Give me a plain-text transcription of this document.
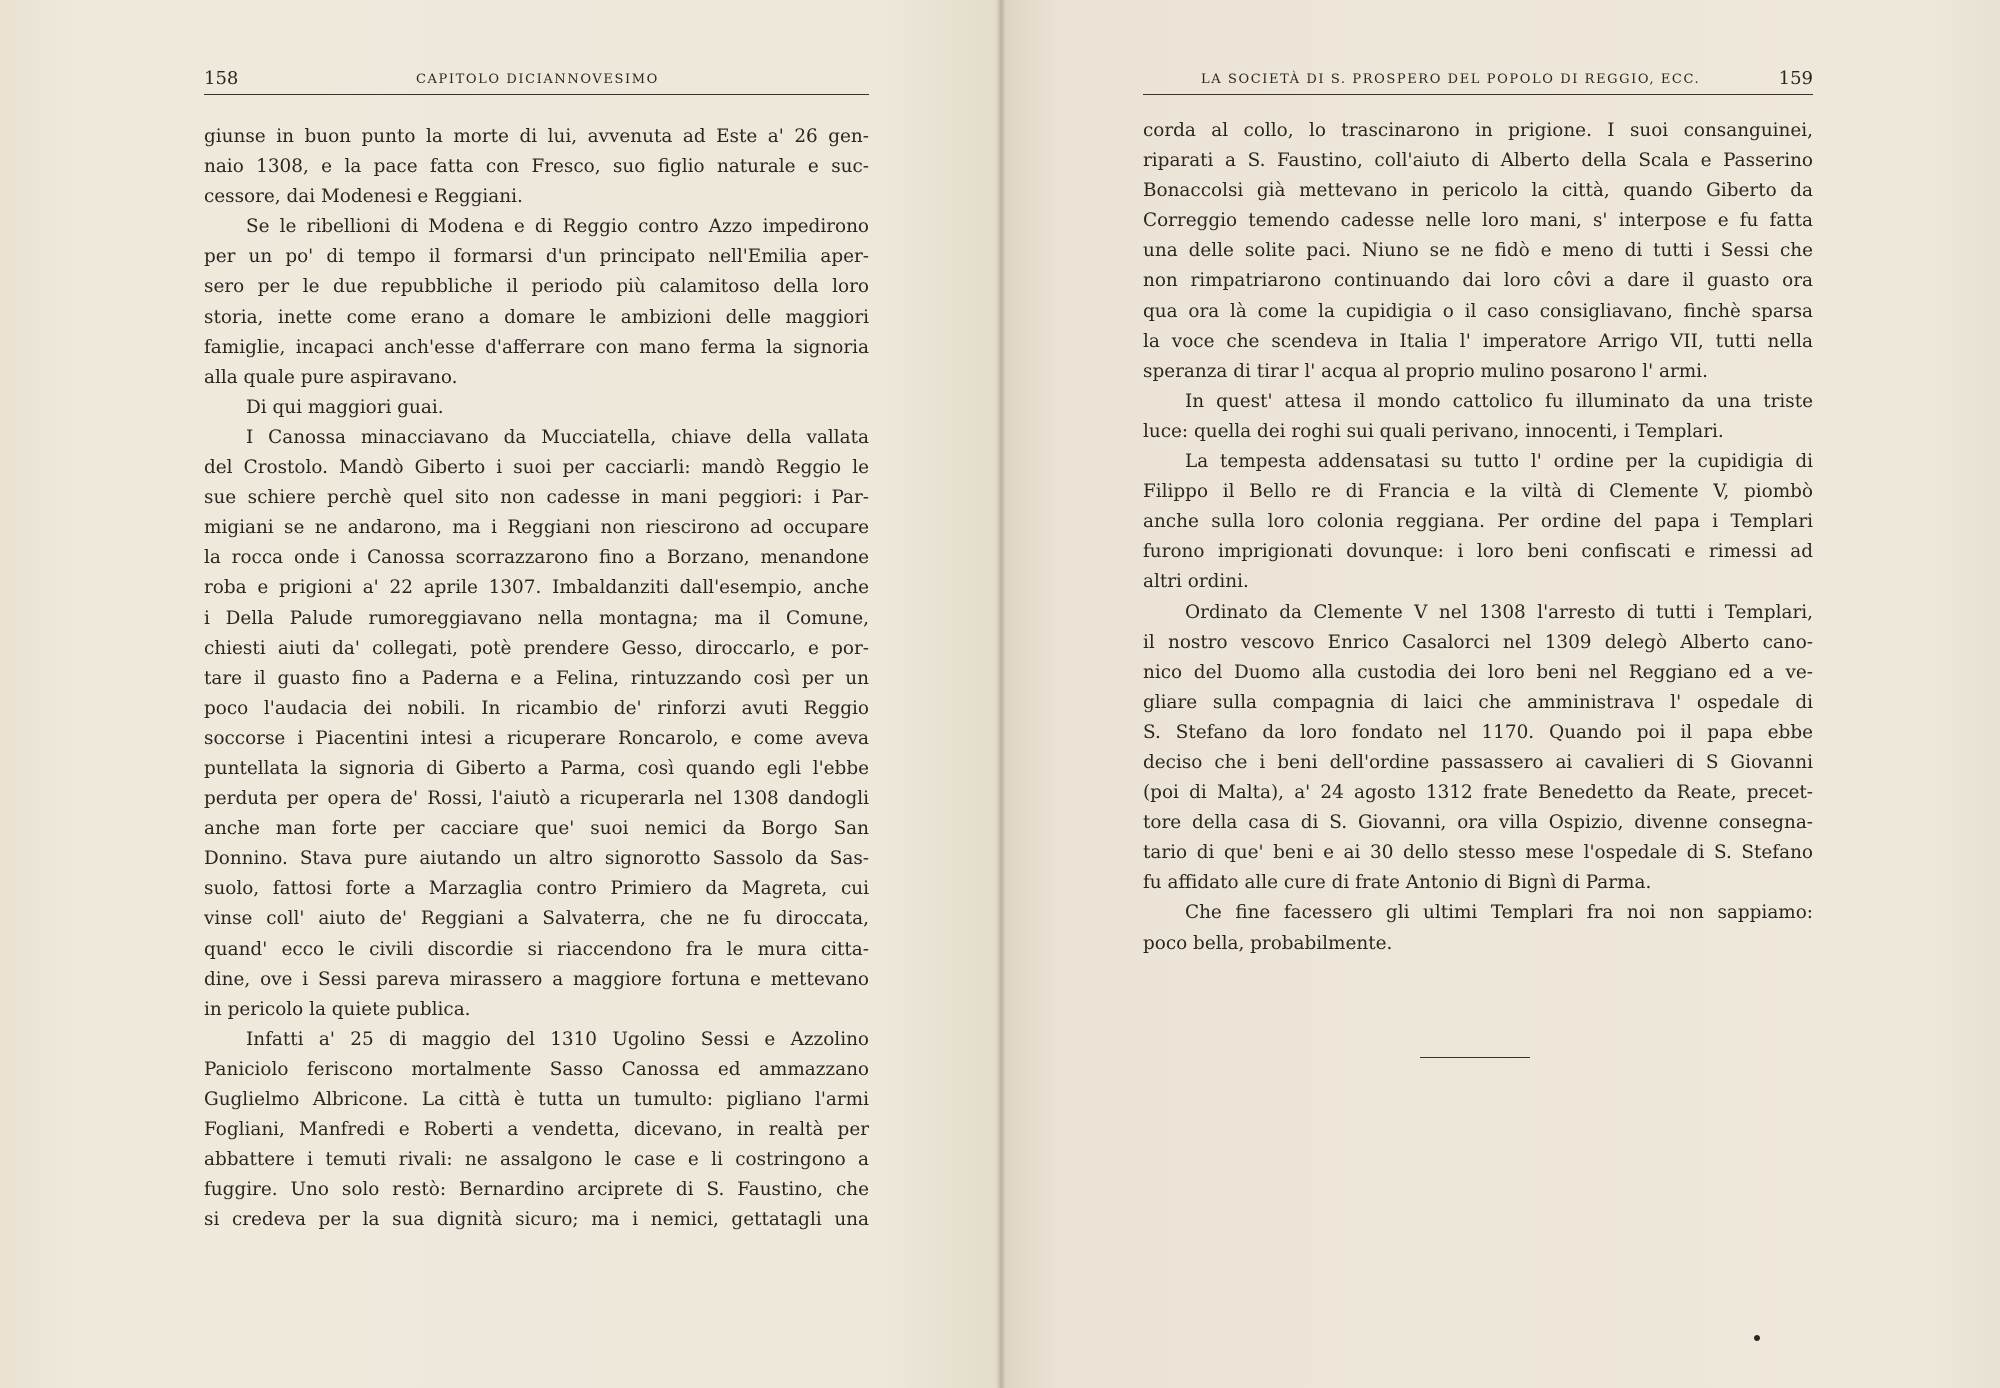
158	CAPITOLO DICIANNOVESIMO
giunse in buon punto la morte di lui, avvenuta ad Este a' 26 gen-
naio 1308, e la pace fatta con Fresco, suo figlio naturale e suc-
cessore, dai Modenesi e Reggiani.
Se le ribellioni di Modena e di Reggio contro Azzo impedirono
per un po' di tempo il formarsi d'un principato nell'Emilia aper-
sero per le due repubbliche il periodo più calamitoso della loro
storia, inette come erano a domare le ambizioni delle maggiori
famiglie, incapaci anch'esse d'afferrare con mano ferma la signoria
alla quale pure aspiravano.
Di qui maggiori guai.
I Canossa minacciavano da Mucciatella, chiave della vallata
del Crostolo. Mandò Giberto i suoi per cacciarli: mandò Reggio le
sue schiere perchè quel sito non cadesse in mani peggiori: i Par-
migiani se ne andarono, ma i Reggiani non riescirono ad occupare
la rocca onde i Canossa scorrazzarono fino a Borzano, menandone
roba e prigioni a' 22 aprile 1307. Imbaldanziti dall'esempio, anche
i Della Palude rumoreggiavano nella montagna; ma il Comune,
chiesti aiuti da' collegati, potè prendere Gesso, diroccarlo, e por-
tare il guasto fino a Paderna e a Felina, rintuzzando così per un
poco l'audacia dei nobili. In ricambio de' rinforzi avuti Reggio
soccorse i Piacentini intesi a ricuperare Roncarolo, e come aveva
puntellata la signoria di Giberto a Parma, così quando egli l'ebbe
perduta per opera de' Rossi, l'aiutò a ricuperarla nel 1308 dandogli
anche man forte per cacciare que' suoi nemici da Borgo San
Donnino. Stava pure aiutando un altro signorotto Sassolo da Sas-
suolo, fattosi forte a Marzaglia contro Primiero da Magreta, cui
vinse coll' aiuto de' Reggiani a Salvaterra, che ne fu diroccata,
quand' ecco le civili discordie si riaccendono fra le mura citta-
dine, ove i Sessi pareva mirassero a maggiore fortuna e mettevano
in pericolo la quiete publica.
Infatti a' 25 di maggio del 1310 Ugolino Sessi e Azzolino
Paniciolo feriscono mortalmente Sasso Canossa ed ammazzano
Guglielmo Albricone. La città è tutta un tumulto: pigliano l'armi
Fogliani, Manfredi e Roberti a vendetta, dicevano, in realtà per
abbattere i temuti rivali: ne assalgono le case e li costringono a
fuggire. Uno solo restò: Bernardino arciprete di S. Faustino, che
si credeva per la sua dignità sicuro; ma i nemici, gettatagli una
LA SOCIETÀ DI S. PROSPERO DEL POPOLO DI REGGIO, ECC.	159
corda al collo, lo trascinarono in prigione. I suoi consanguinei,
riparati a S. Faustino, coll'aiuto di Alberto della Scala e Passerino
Bonaccolsi già mettevano in pericolo la città, quando Giberto da
Correggio temendo cadesse nelle loro mani, s' interpose e fu fatta
una delle solite paci. Niuno se ne fidò e meno di tutti i Sessi che
non rimpatriarono continuando dai loro côvi a dare il guasto ora
qua ora là come la cupidigia o il caso consigliavano, finchè sparsa
la voce che scendeva in Italia l' imperatore Arrigo VII, tutti nella
speranza di tirar l' acqua al proprio mulino posarono l' armi.
In quest' attesa il mondo cattolico fu illuminato da una triste
luce: quella dei roghi sui quali perivano, innocenti, i Templari.
La tempesta addensatasi su tutto l' ordine per la cupidigia di
Filippo il Bello re di Francia e la viltà di Clemente V, piombò
anche sulla loro colonia reggiana. Per ordine del papa i Templari
furono imprigionati dovunque: i loro beni confiscati e rimessi ad
altri ordini.
Ordinato da Clemente V nel 1308 l'arresto di tutti i Templari,
il nostro vescovo Enrico Casalorci nel 1309 delegò Alberto cano-
nico del Duomo alla custodia dei loro beni nel Reggiano ed a ve-
gliare sulla compagnia di laici che amministrava l' ospedale di
S. Stefano da loro fondato nel 1170. Quando poi il papa ebbe
deciso che i beni dell'ordine passassero ai cavalieri di S Giovanni
(poi di Malta), a' 24 agosto 1312 frate Benedetto da Reate, precet-
tore della casa di S. Giovanni, ora villa Ospizio, divenne consegna-
tario di que' beni e ai 30 dello stesso mese l'ospedale di S. Stefano
fu affidato alle cure di frate Antonio di Bignì di Parma.
Che fine facessero gli ultimi Templari fra noi non sappiamo:
poco bella, probabilmente.
